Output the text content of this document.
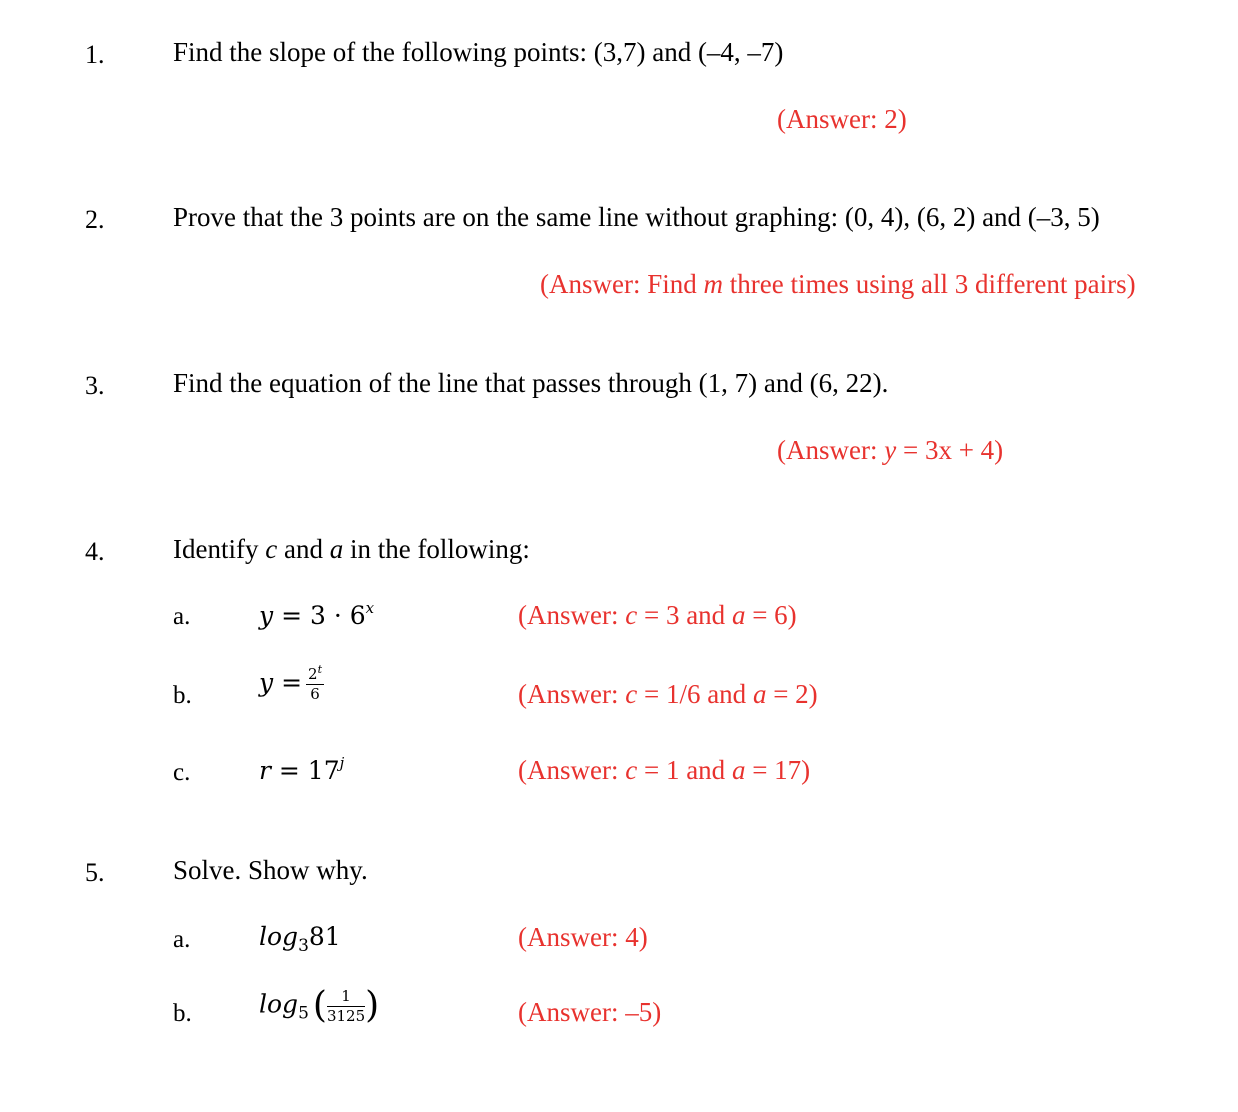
1.	Find the slope of the following points: (3,7) and (–4, –7)
(Answer: 2)
2.	Prove that the 3 points are on the same line without graphing: (0, 4), (6, 2) and (–3, 5)
(Answer: Find m three times using all 3 different pairs)
3.	Find the equation of the line that passes through (1, 7) and (6, 22).
(Answer: y = 3x + 4)
4.	Identify c and a in the following:
a.	$y = 3 \cdot 6^x$	(Answer: c = 3 and a = 6)
b.	$y = \frac{2^t}{6}$	(Answer: c = 1/6 and a = 2)
c.	$r = 17^j$	(Answer: c = 1 and a = 17)
5.	Solve. Show why.
a.	$\log_381$	(Answer: 4)
b.	$\log_5$ ( $\frac{1}{3125}$ )	(Answer: –5)
